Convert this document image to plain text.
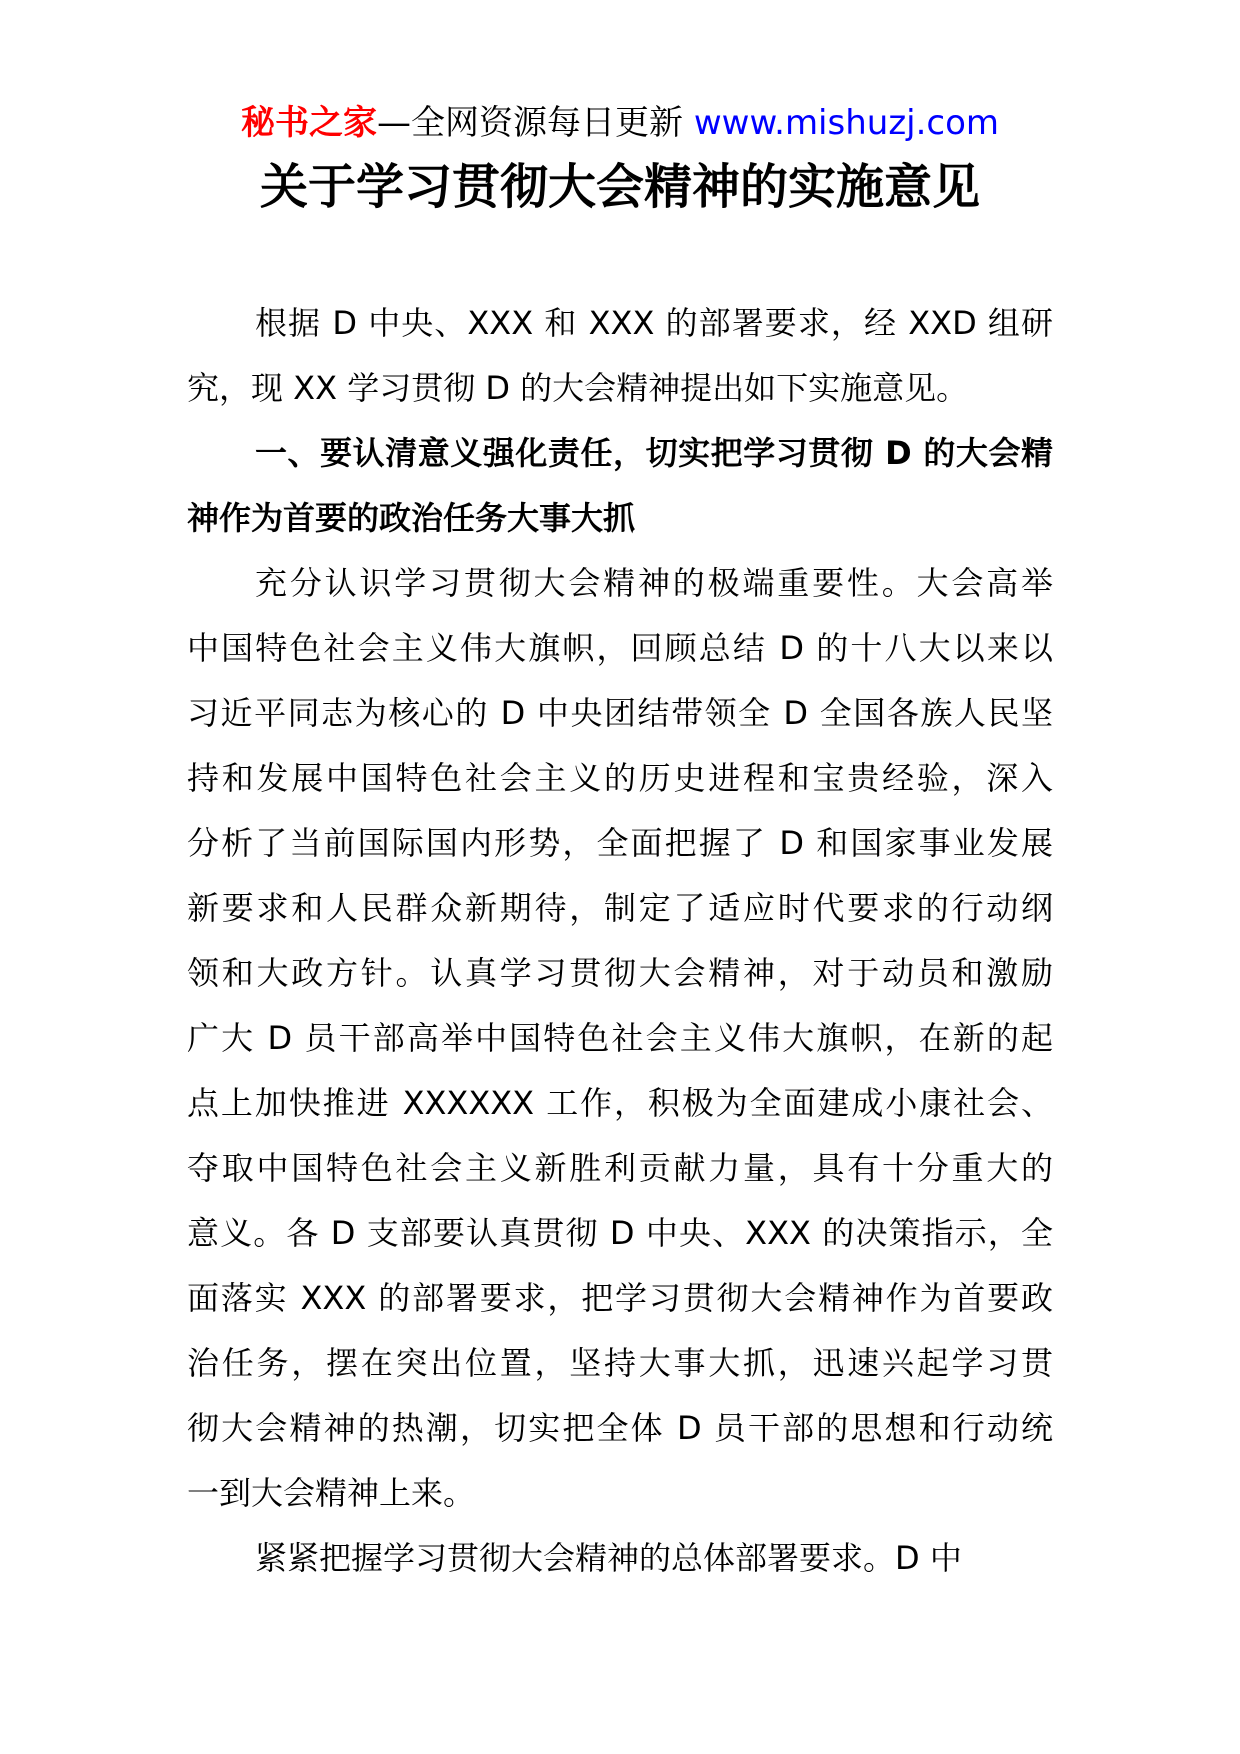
秘书之家—全网资源每日更新 www.mishuzj.com
关于学习贯彻大会精神的实施意见
根据 D 中央、XXX 和 XXX 的部署要求，经 XXD 组研
究，现 XX 学习贯彻 D 的大会精神提出如下实施意见。
一、要认清意义强化责任，切实把学习贯彻 D 的大会精
神作为首要的政治任务大事大抓
充分认识学习贯彻大会精神的极端重要性。大会高举
中国特色社会主义伟大旗帜，回顾总结 D 的十八大以来以
习近平同志为核心的 D 中央团结带领全 D 全国各族人民坚
持和发展中国特色社会主义的历史进程和宝贵经验，深入
分析了当前国际国内形势，全面把握了 D 和国家事业发展
新要求和人民群众新期待，制定了适应时代要求的行动纲
领和大政方针。认真学习贯彻大会精神，对于动员和激励
广大 D 员干部高举中国特色社会主义伟大旗帜，在新的起
点上加快推进 XXXXXX 工作，积极为全面建成小康社会、
夺取中国特色社会主义新胜利贡献力量，具有十分重大的
意义。各 D 支部要认真贯彻 D 中央、XXX 的决策指示，全
面落实 XXX 的部署要求，把学习贯彻大会精神作为首要政
治任务，摆在突出位置，坚持大事大抓，迅速兴起学习贯
彻大会精神的热潮，切实把全体 D 员干部的思想和行动统
一到大会精神上来。
紧紧把握学习贯彻大会精神的总体部署要求。D 中
